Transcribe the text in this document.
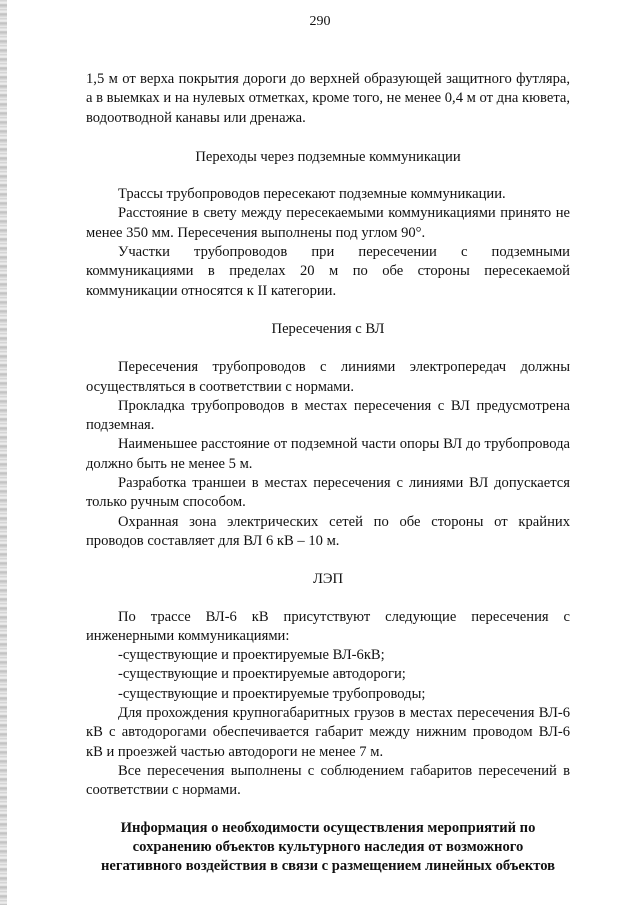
290

1,5 м от верха покрытия дороги до верхней образующей защитного футляра, а в выемках и на нулевых отметках, кроме того, не менее 0,4 м от дна кювета, водоотводной канавы или дренажа.

Переходы через подземные коммуникации

Трассы трубопроводов пересекают подземные коммуникации.

Расстояние в свету между пересекаемыми коммуникациями принято не менее 350 мм. Пересечения выполнены под углом 90°.

Участки трубопроводов при пересечении с подземными коммуникациями в пределах 20 м по обе стороны пересекаемой коммуникации относятся к II категории.

Пересечения с ВЛ

Пересечения трубопроводов с линиями электропередач должны осуществляться в соответствии с нормами.

Прокладка трубопроводов в местах пересечения с ВЛ предусмотрена подземная.

Наименьшее расстояние от подземной части опоры ВЛ до трубопровода должно быть не менее 5 м.

Разработка траншеи в местах пересечения с линиями ВЛ допускается только ручным способом.

Охранная зона электрических сетей по обе стороны от крайних проводов составляет для ВЛ 6 кВ – 10 м.

ЛЭП

По трассе ВЛ-6 кВ присутствуют следующие пересечения с инженерными коммуникациями:

-существующие и проектируемые ВЛ-6кВ;

-существующие и проектируемые автодороги;

-существующие и проектируемые трубопроводы;

Для прохождения крупногабаритных грузов в местах пересечения ВЛ-6 кВ с автодорогами обеспечивается габарит между нижним проводом ВЛ-6 кВ и проезжей частью автодороги не менее 7 м.

Все пересечения выполнены с соблюдением габаритов пересечений в соответствии с нормами.

Информация о необходимости осуществления мероприятий по
сохранению объектов культурного наследия от возможного
негативного воздействия в связи с размещением линейных объектов
